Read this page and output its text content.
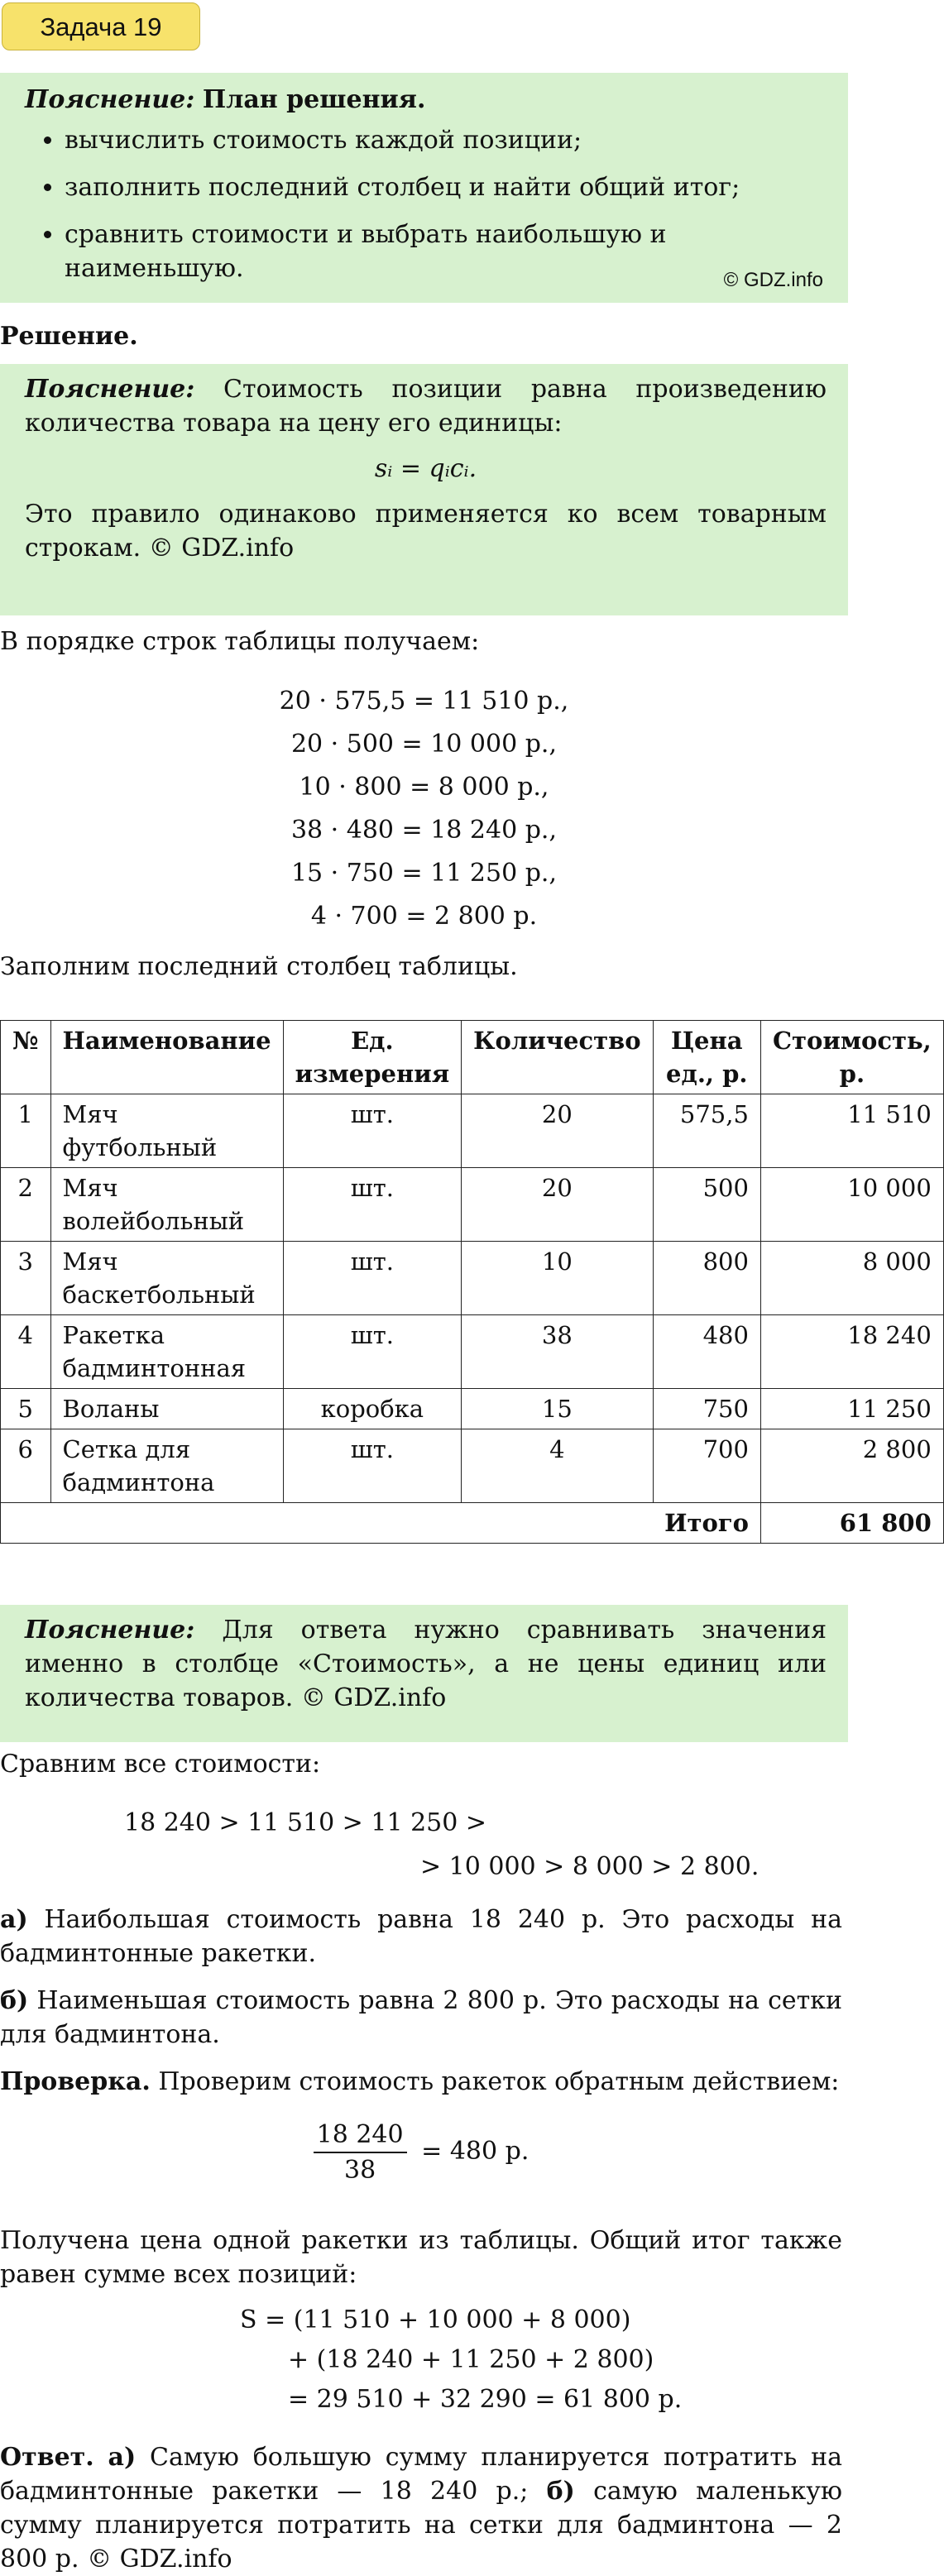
Задача 19
Пояснение: План решения.
• вычислить стоимость каждой позиции;
• заполнить последний столбец и найти общий итог;
• сравнить стоимости и выбрать наибольшую и наименьшую.	© GDZ.info
Решение.
Пояснение: Стоимость позиции равна произведению количества товара на цену его единицы:
sᵢ = qᵢcᵢ.
Это правило одинаково применяется ко всем товарным строкам. © GDZ.info
В порядке строк таблицы получаем:
20 · 575,5 = 11 510 р.,
20 · 500 = 10 000 р.,
10 · 800 = 8 000 р.,
38 · 480 = 18 240 р.,
15 · 750 = 11 250 р.,
4 · 700 = 2 800 р.
Заполним последний столбец таблицы.
№	Наименование	Ед. измерения	Количество	Цена ед., р.	Стоимость, р.
1	Мяч футбольный	шт.	20	575,5	11 510
2	Мяч волейбольный	шт.	20	500	10 000
3	Мяч баскетбольный	шт.	10	800	8 000
4	Ракетка бадминтонная	шт.	38	480	18 240
5	Воланы	коробка	15	750	11 250
6	Сетка для бадминтона	шт.	4	700	2 800
				Итого	61 800
Пояснение: Для ответа нужно сравнивать значения именно в столбце «Стоимость», а не цены единиц или количества товаров. © GDZ.info
Сравним все стоимости:
18 240 > 11 510 > 11 250 >
> 10 000 > 8 000 > 2 800.
а) Наибольшая стоимость равна 18 240 р. Это расходы на бадминтонные ракетки.
б) Наименьшая стоимость равна 2 800 р. Это расходы на сетки для бадминтона.
Проверка. Проверим стоимость ракеток обратным действием:
$\frac{18 240}{38} = 480$ р.
Получена цена одной ракетки из таблицы. Общий итог также равен сумме всех позиций:
S = (11 510 + 10 000 + 8 000)
+ (18 240 + 11 250 + 2 800)
= 29 510 + 32 290 = 61 800 р.
Ответ. а) Самую большую сумму планируется потратить на бадминтонные ракетки — 18 240 р.; б) самую маленькую сумму планируется потратить на сетки для бадминтона — 2 800 р. © GDZ.info
